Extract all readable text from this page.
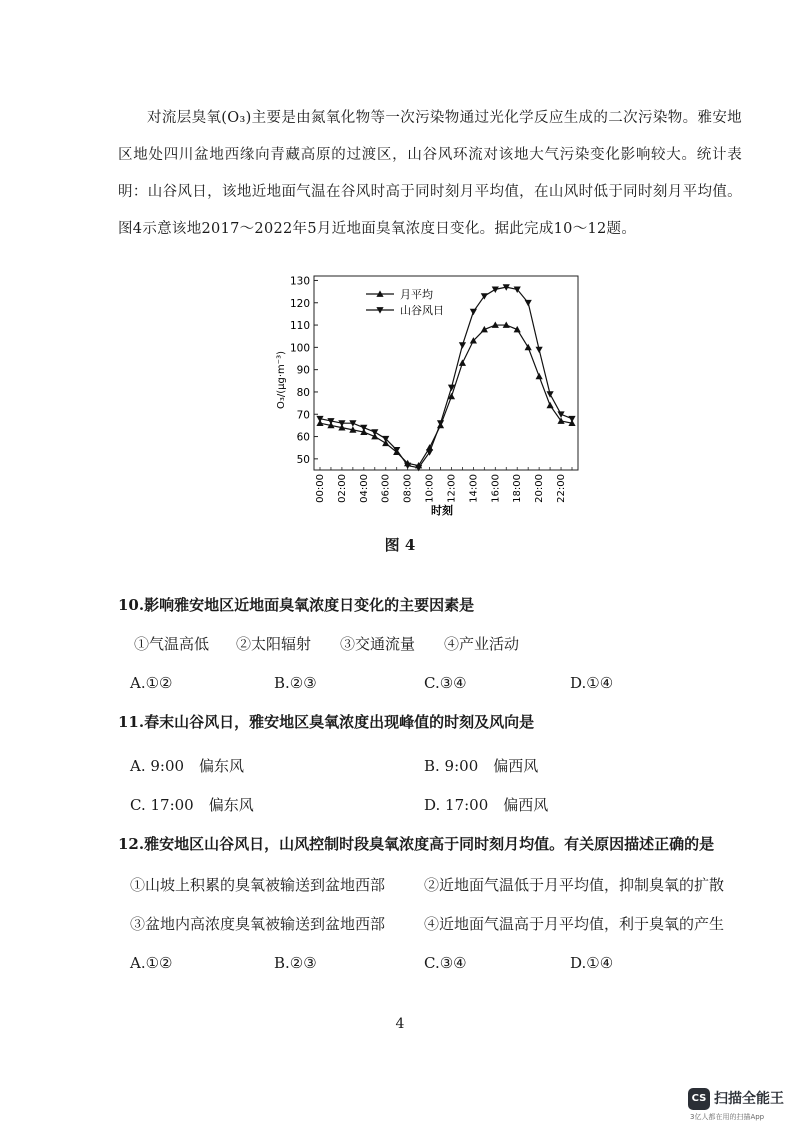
对流层臭氧(O₃)主要是由氮氧化物等一次污染物通过光化学反应生成的二次污染物。雅安地区地处四川盆地西缘向青藏高原的过渡区，山谷风环流对该地大气污染变化影响较大。统计表明：山谷风日，该地近地面气温在谷风时高于同时刻月平均值，在山风时低于同时刻月平均值。图4示意该地2017～2022年5月近地面臭氧浓度日变化。据此完成10～12题。
50
60
70
80
90
100
110
120
130
00:00 02:00 04:00 06:00 08:00 10:00 12:00 14:00 16:00 18:00 20:00 22:00
月平均
山谷风日
O₃/(μg·m⁻³)
时刻
图 4
10.影响雅安地区近地面臭氧浓度日变化的主要因素是
①气温高低 ②太阳辐射 ③交通流量 ④产业活动
A.①②	B.②③	C.③④	D.①④
11.春末山谷风日，雅安地区臭氧浓度出现峰值的时刻及风向是
A. 9:00　偏东风	B. 9:00　偏西风
C. 17:00　偏东风	D. 17:00　偏西风
12.雅安地区山谷风日，山风控制时段臭氧浓度高于同时刻月均值。有关原因描述正确的是
①山坡上积累的臭氧被输送到盆地西部	②近地面气温低于月平均值，抑制臭氧的扩散
③盆地内高浓度臭氧被输送到盆地西部	④近地面气温高于月平均值，利于臭氧的产生
A.①②	B.②③	C.③④	D.①④
4
CS 扫描全能王
3亿人都在用的扫描App
